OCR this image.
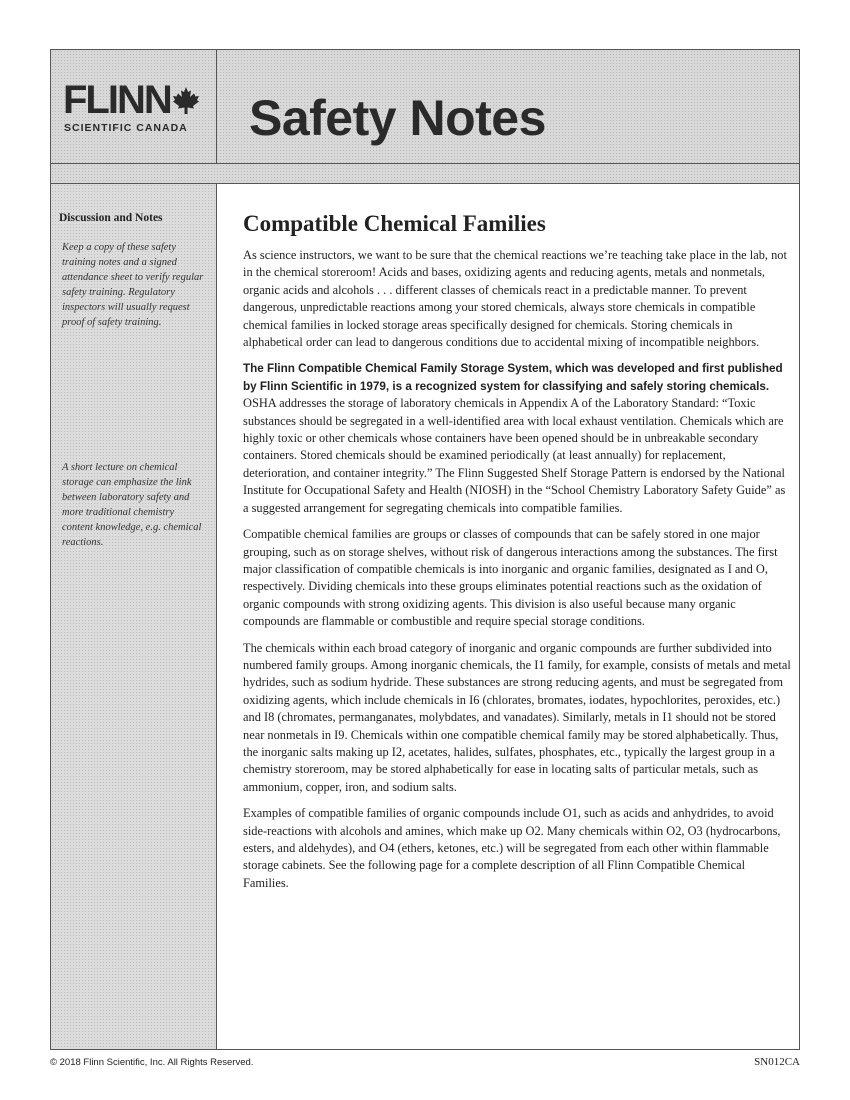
FLINN
SCIENTIFIC CANADA Safety Notes
Discussion and Notes
Keep a copy of these safety training notes and a signed attendance sheet to verify regular safety training. Regulatory inspectors will usually request proof of safety training.
A short lecture on chemical storage can emphasize the link between laboratory safety and more traditional chemistry content knowledge, e.g. chemical reactions.
Compatible Chemical Families

As science instructors, we want to be sure that the chemical reactions we’re teaching take place in the lab, not in the chemical storeroom! Acids and bases, oxidizing agents and reducing agents, metals and nonmetals, organic acids and alcohols . . . different classes of chemicals react in a predictable manner. To prevent dangerous, unpredictable reactions among your stored chemicals, always store chemicals in compatible chemical families in locked storage areas specifically designed for chemicals. Storing chemicals in alphabetical order can lead to dangerous conditions due to accidental mixing of incompatible neighbors.

The Flinn Compatible Chemical Family Storage System, which was developed and first published by Flinn Scientific in 1979, is a recognized system for classifying and safely storing chemicals. OSHA addresses the storage of laboratory chemicals in Appendix A of the Laboratory Standard: “Toxic substances should be segregated in a well-identified area with local exhaust ventilation. Chemicals which are highly toxic or other chemicals whose containers have been opened should be in unbreakable secondary containers. Stored chemicals should be examined periodically (at least annually) for replacement, deterioration, and container integrity.” The Flinn Suggested Shelf Storage Pattern is endorsed by the National Institute for Occupational Safety and Health (NIOSH) in the “School Chemistry Laboratory Safety Guide” as a suggested arrangement for segregating chemicals into compatible families.

Compatible chemical families are groups or classes of compounds that can be safely stored in one major grouping, such as on storage shelves, without risk of dangerous interactions among the substances. The first major classification of compatible chemicals is into inorganic and organic families, designated as I and O, respectively. Dividing chemicals into these groups eliminates potential reactions such as the oxidation of organic compounds with strong oxidizing agents. This division is also useful because many organic compounds are flammable or combustible and require special storage conditions.

The chemicals within each broad category of inorganic and organic compounds are further subdivided into numbered family groups. Among inorganic chemicals, the I1 family, for example, consists of metals and metal hydrides, such as sodium hydride. These substances are strong reducing agents, and must be segregated from oxidizing agents, which include chemicals in I6 (chlorates, bromates, iodates, hypochlorites, peroxides, etc.) and I8 (chromates, permanganates, molybdates, and vanadates). Similarly, metals in I1 should not be stored near nonmetals in I9. Chemicals within one compatible chemical family may be stored alphabetically. Thus, the inorganic salts making up I2, acetates, halides, sulfates, phosphates, etc., typically the largest group in a chemistry storeroom, may be stored alphabetically for ease in locating salts of particular metals, such as ammonium, copper, iron, and sodium salts.

Examples of compatible families of organic compounds include O1, such as acids and anhydrides, to avoid side-reactions with alcohols and amines, which make up O2. Many chemicals within O2, O3 (hydrocarbons, esters, and aldehydes), and O4 (ethers, ketones, etc.) will be segregated from each other within flammable storage cabinets. See the following page for a complete description of all Flinn Compatible Chemical Families.

© 2018 Flinn Scientific, Inc. All Rights Reserved.	SN012CA
